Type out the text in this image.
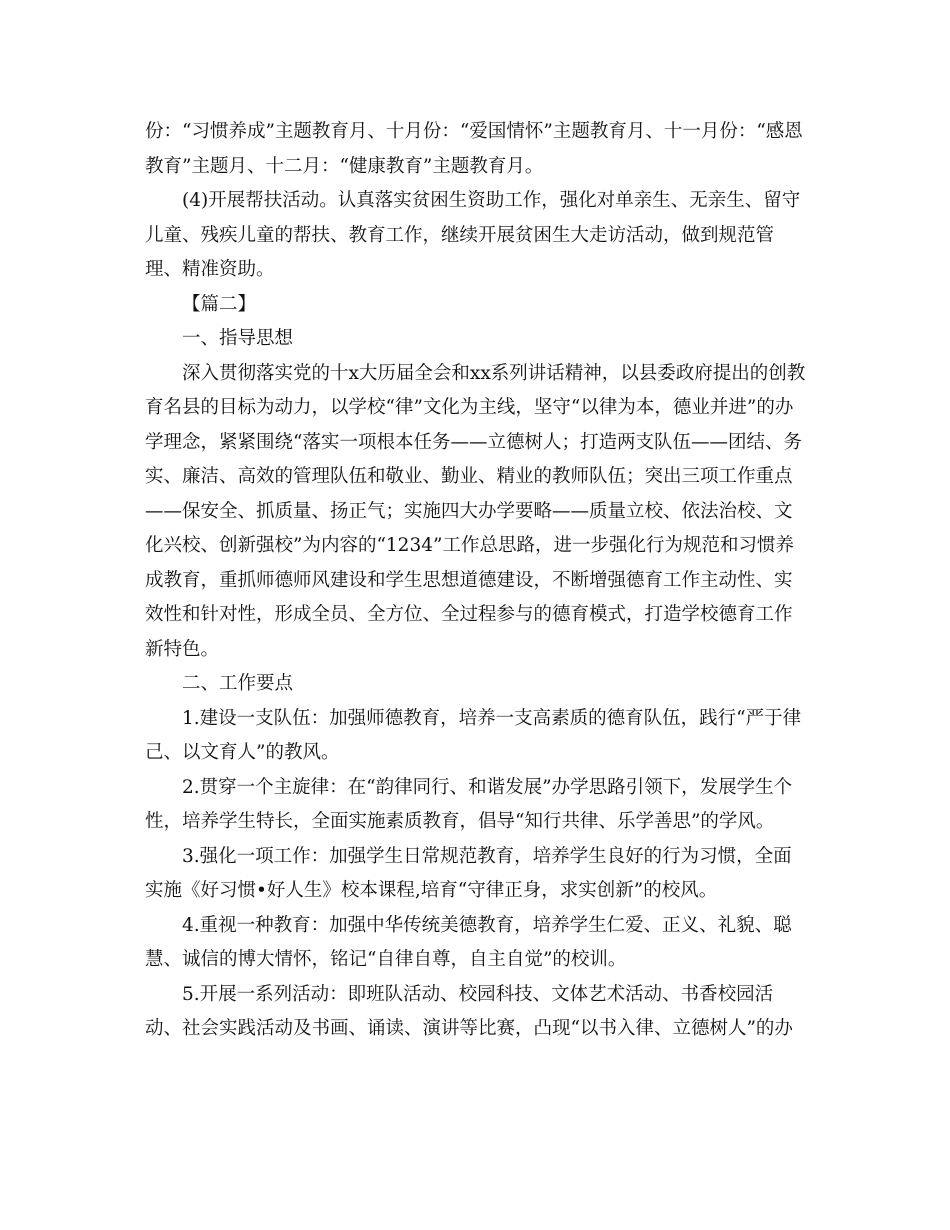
份：“习惯养成”主题教育月、十月份：“爱国情怀”主题教育月、十一月份：“感恩教育”主题月、十二月：“健康教育”主题教育月。

(4)开展帮扶活动。认真落实贫困生资助工作，强化对单亲生、无亲生、留守儿童、残疾儿童的帮扶、教育工作，继续开展贫困生大走访活动，做到规范管理、精准资助。

【篇二】

一、指导思想

深入贯彻落实党的十x大历届全会和xx系列讲话精神，以县委政府提出的创教育名县的目标为动力，以学校“律”文化为主线，坚守“以律为本，德业并进”的办学理念，紧紧围绕“落实一项根本任务——立德树人；打造两支队伍——团结、务实、廉洁、高效的管理队伍和敬业、勤业、精业的教师队伍；突出三项工作重点——保安全、抓质量、扬正气；实施四大办学要略——质量立校、依法治校、文化兴校、创新强校”为内容的“1234”工作总思路，进一步强化行为规范和习惯养成教育，重抓师德师风建设和学生思想道德建设，不断增强德育工作主动性、实效性和针对性，形成全员、全方位、全过程参与的德育模式，打造学校德育工作新特色。

二、工作要点

1.建设一支队伍：加强师德教育，培养一支高素质的德育队伍，践行“严于律己、以文育人”的教风。

2.贯穿一个主旋律：在“韵律同行、和谐发展”办学思路引领下，发展学生个性，培养学生特长，全面实施素质教育，倡导“知行共律、乐学善思”的学风。

3.强化一项工作：加强学生日常规范教育，培养学生良好的行为习惯，全面实施《好习惯•好人生》校本课程,培育“守律正身，求实创新”的校风。

4.重视一种教育：加强中华传统美德教育，培养学生仁爱、正义、礼貌、聪慧、诚信的博大情怀，铭记“自律自尊，自主自觉”的校训。

5.开展一系列活动：即班队活动、校园科技、文体艺术活动、书香校园活动、社会实践活动及书画、诵读、演讲等比赛，凸现“以书入律、立德树人”的办
